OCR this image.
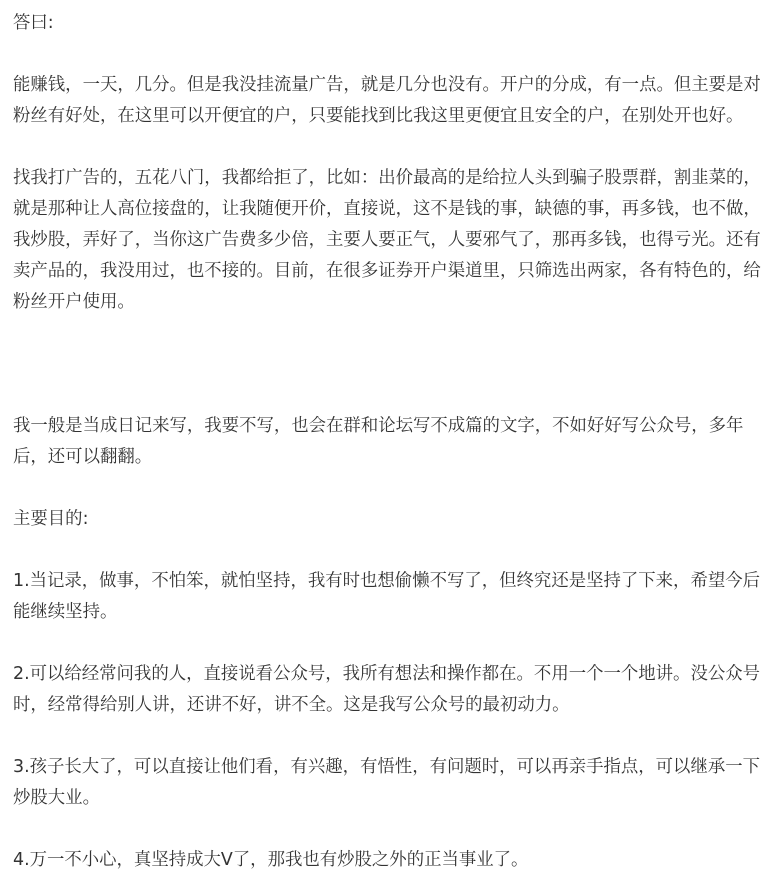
答曰:

能赚钱，一天，几分。但是我没挂流量广告，就是几分也没有。开户的分成，有一点。但主要是对粉丝有好处，在这里可以开便宜的户，只要能找到比我这里更便宜且安全的户，在别处开也好。

找我打广告的，五花八门，我都给拒了，比如：出价最高的是给拉人头到骗子股票群，割韭菜的，就是那种让人高位接盘的，让我随便开价，直接说，这不是钱的事，缺德的事，再多钱，也不做，我炒股，弄好了，当你这广告费多少倍，主要人要正气，人要邪气了，那再多钱，也得亏光。还有卖产品的，我没用过，也不接的。目前，在很多证券开户渠道里，只筛选出两家，各有特色的，给粉丝开户使用。

我一般是当成日记来写，我要不写，也会在群和论坛写不成篇的文字，不如好好写公众号，多年后，还可以翻翻。

主要目的:

1.当记录，做事，不怕笨，就怕坚持，我有时也想偷懒不写了，但终究还是坚持了下来，希望今后能继续坚持。

2.可以给经常问我的人，直接说看公众号，我所有想法和操作都在。不用一个一个地讲。没公众号时，经常得给别人讲，还讲不好，讲不全。这是我写公众号的最初动力。

3.孩子长大了，可以直接让他们看，有兴趣，有悟性，有问题时，可以再亲手指点，可以继承一下炒股大业。

4.万一不小心，真坚持成大V了，那我也有炒股之外的正当事业了。
